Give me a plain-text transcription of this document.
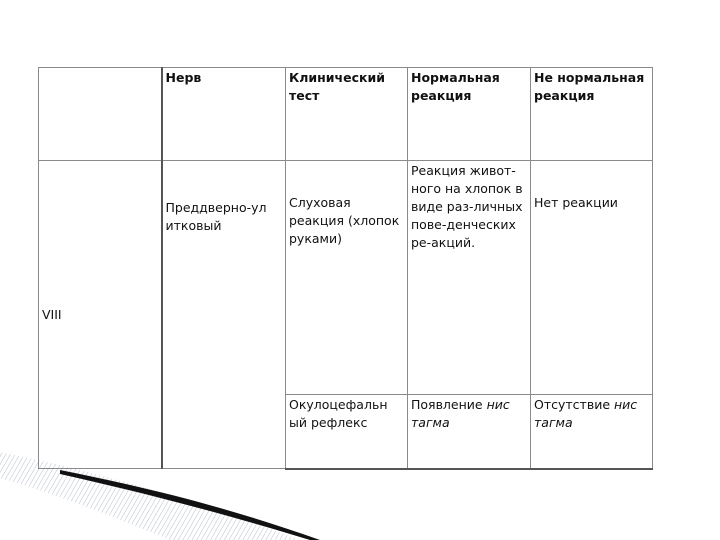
	Нерв	Клинический тест	Нормальная реакция	Не нормальная реакция
VIII	Преддверно-ул итковый	Слуховая реакция (хлопок руками)	Реакция живот-ного на хлопок в виде раз-личных пове-денческих ре-акций.	Нет реакции
		Окулоцефальн ый рефлекс	Появление нис тагма	Отсутствие нис тагма
